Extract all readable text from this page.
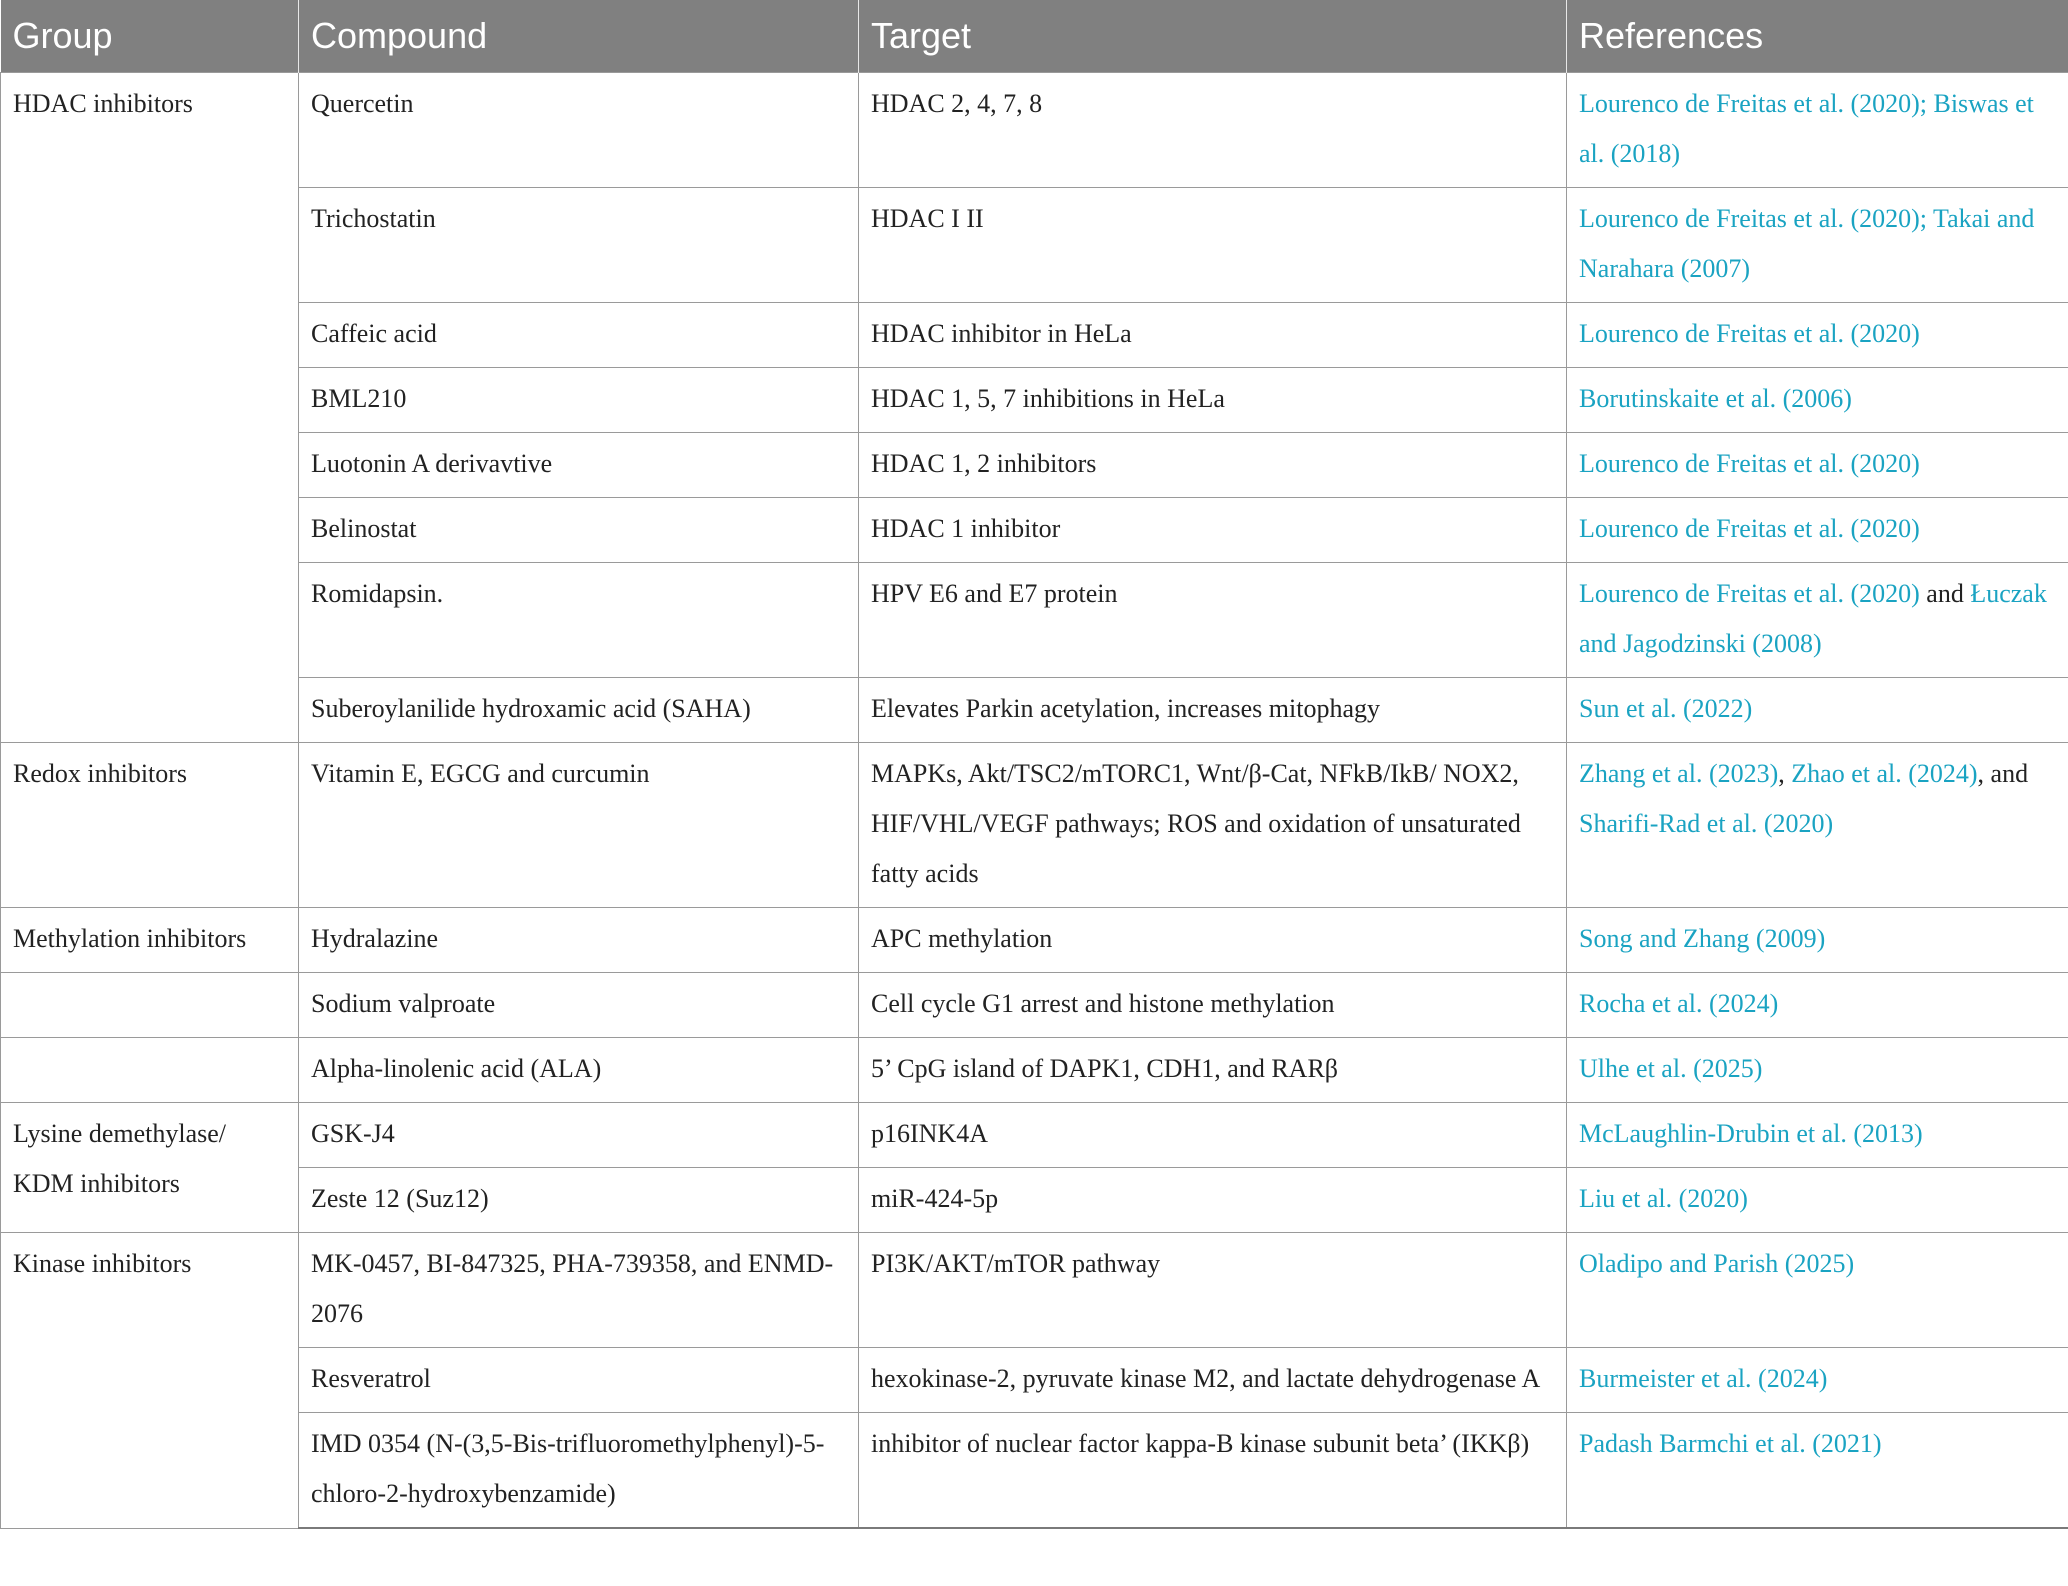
Group	Compound	Target	References
HDAC inhibitors	Quercetin	HDAC 2, 4, 7, 8	Lourenco de Freitas et al. (2020); Biswas et al. (2018)
	Trichostatin	HDAC I II	Lourenco de Freitas et al. (2020); Takai and Narahara (2007)
	Caffeic acid	HDAC inhibitor in HeLa	Lourenco de Freitas et al. (2020)
	BML210	HDAC 1, 5, 7 inhibitions in HeLa	Borutinskaite et al. (2006)
	Luotonin A derivavtive	HDAC 1, 2 inhibitors	Lourenco de Freitas et al. (2020)
	Belinostat	HDAC 1 inhibitor	Lourenco de Freitas et al. (2020)
	Romidapsin.	HPV E6 and E7 protein	Lourenco de Freitas et al. (2020) and Łuczak and Jagodzinski (2008)
	Suberoylanilide hydroxamic acid (SAHA)	Elevates Parkin acetylation, increases mitophagy	Sun et al. (2022)
Redox inhibitors	Vitamin E, EGCG and curcumin	MAPKs, Akt/TSC2/mTORC1, Wnt/β-Cat, NFkB/IkB/ NOX2, HIF/VHL/VEGF pathways; ROS and oxidation of unsaturated fatty acids	Zhang et al. (2023), Zhao et al. (2024), and Sharifi-Rad et al. (2020)
Methylation inhibitors	Hydralazine	APC methylation	Song and Zhang (2009)
	Sodium valproate	Cell cycle G1 arrest and histone methylation	Rocha et al. (2024)
	Alpha-linolenic acid (ALA)	5’ CpG island of DAPK1, CDH1, and RARβ	Ulhe et al. (2025)
Lysine demethylase/ KDM inhibitors	GSK-J4	p16INK4A	McLaughlin-Drubin et al. (2013)
	Zeste 12 (Suz12)	miR-424-5p	Liu et al. (2020)
Kinase inhibitors	MK-0457, BI-847325, PHA-739358, and ENMD-2076	PI3K/AKT/mTOR pathway	Oladipo and Parish (2025)
	Resveratrol	hexokinase-2, pyruvate kinase M2, and lactate dehydrogenase A	Burmeister et al. (2024)
	IMD 0354 (N-(3,5-Bis-trifluoromethylphenyl)-5-chloro-2-hydroxybenzamide)	inhibitor of nuclear factor kappa-B kinase subunit beta’ (IKKβ)	Padash Barmchi et al. (2021)
